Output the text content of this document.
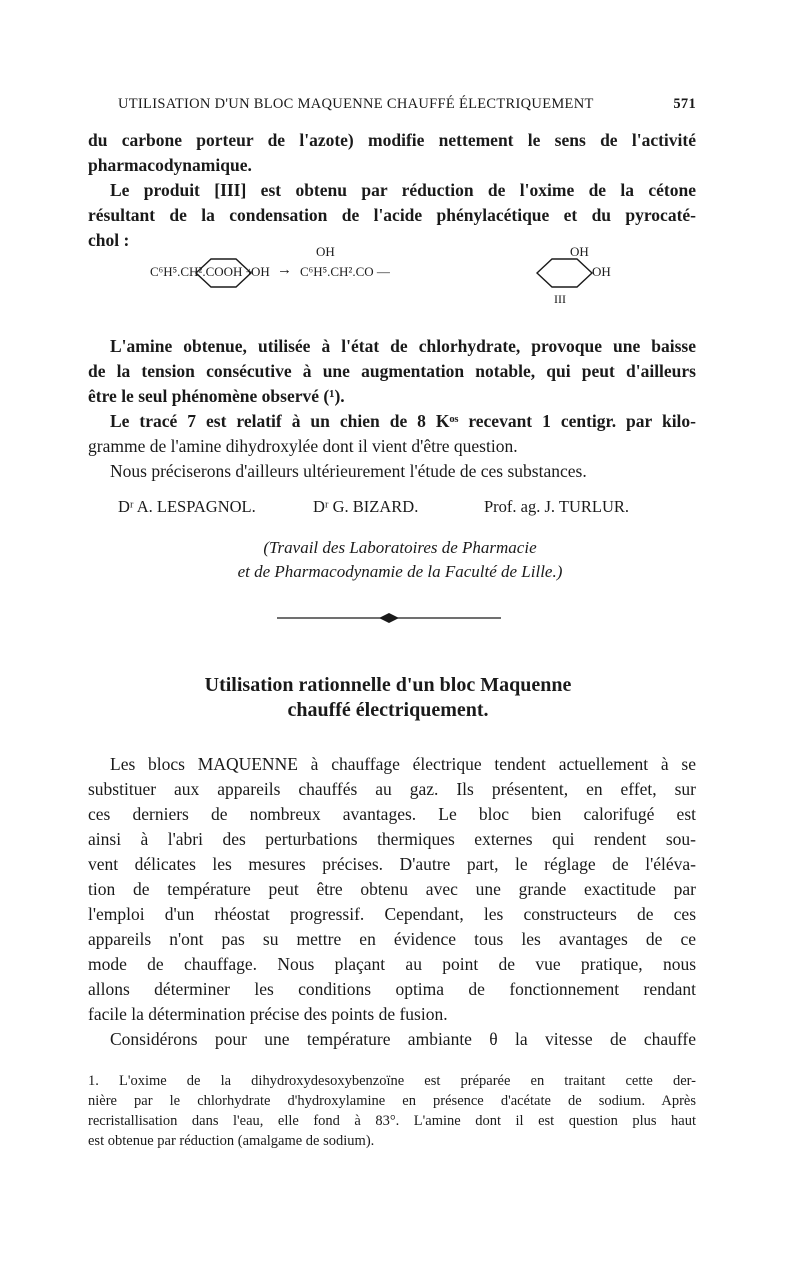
UTILISATION D'UN BLOC MAQUENNE CHAUFFÉ ÉLECTRIQUEMENT	571
du carbone porteur de l'azote) modifie nettement le sens de l'activité
pharmacodynamique.
Le produit [III] est obtenu par réduction de l'oxime de la cétone
résultant de la condensation de l'acide phénylacétique et du pyrocaté-
chol :
C⁶H⁵.CH².COOH +
OH
OH → C⁶H⁵.CH².CO —
OH
OH
III
L'amine obtenue, utilisée à l'état de chlorhydrate, provoque une baisse
de la tension consécutive à une augmentation notable, qui peut d'ailleurs
être le seul phénomène observé (¹).
Le tracé 7 est relatif à un chien de 8 Kᵒˢ recevant 1 centigr. par kilo-
gramme de l'amine dihydroxylée dont il vient d'être question.
Nous préciserons d'ailleurs ultérieurement l'étude de ces substances.
Dʳ A. LESPAGNOL.	Dʳ G. BIZARD.	Prof. ag. J. TURLUR.
(Travail des Laboratoires de Pharmacie
et de Pharmacodynamie de la Faculté de Lille.)
Utilisation rationnelle d'un bloc Maquenne
chauffé électriquement.
Les blocs MAQUENNE à chauffage électrique tendent actuellement à se
substituer aux appareils chauffés au gaz. Ils présentent, en effet, sur
ces derniers de nombreux avantages. Le bloc bien calorifugé est
ainsi à l'abri des perturbations thermiques externes qui rendent sou-
vent délicates les mesures précises. D'autre part, le réglage de l'éléva-
tion de température peut être obtenu avec une grande exactitude par
l'emploi d'un rhéostat progressif. Cependant, les constructeurs de ces
appareils n'ont pas su mettre en évidence tous les avantages de ce
mode de chauffage. Nous plaçant au point de vue pratique, nous
allons déterminer les conditions optima de fonctionnement rendant
facile la détermination précise des points de fusion.
Considérons pour une température ambiante θ la vitesse de chauffe
1. L'oxime de la dihydroxydesoxybenzoïne est préparée en traitant cette der-
nière par le chlorhydrate d'hydroxylamine en présence d'acétate de sodium. Après
recristallisation dans l'eau, elle fond à 83°. L'amine dont il est question plus haut
est obtenue par réduction (amalgame de sodium).
